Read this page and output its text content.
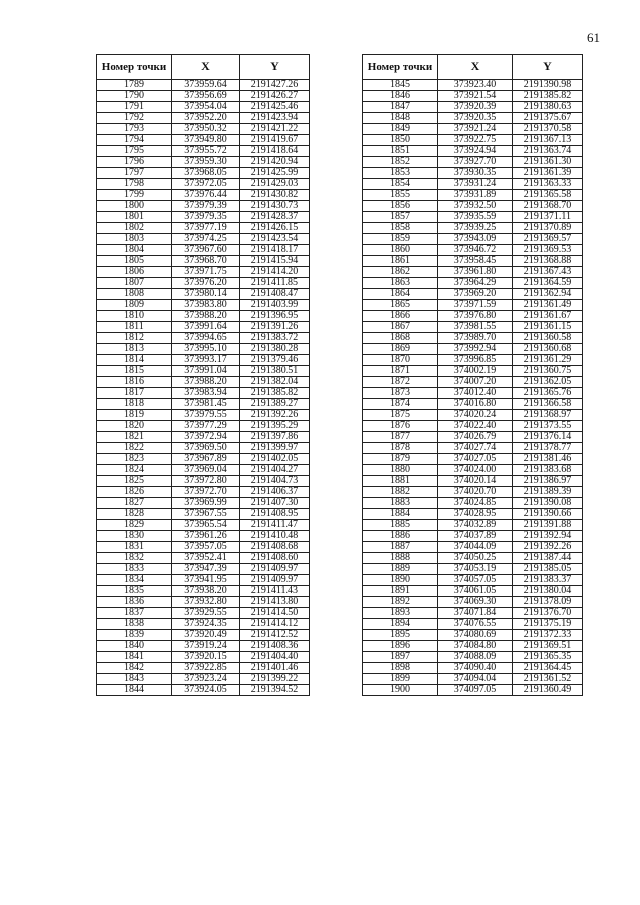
61
Номер точки	X	Y
1789	373959.64	2191427.26
1790	373956.69	2191426.27
1791	373954.04	2191425.46
1792	373952.20	2191423.94
1793	373950.32	2191421.22
1794	373949.80	2191419.67
1795	373955.72	2191418.64
1796	373959.30	2191420.94
1797	373968.05	2191425.99
1798	373972.05	2191429.03
1799	373976.44	2191430.82
1800	373979.39	2191430.73
1801	373979.35	2191428.37
1802	373977.19	2191426.15
1803	373974.25	2191423.54
1804	373967.60	2191418.17
1805	373968.70	2191415.94
1806	373971.75	2191414.20
1807	373976.20	2191411.85
1808	373980.14	2191408.47
1809	373983.80	2191403.99
1810	373988.20	2191396.95
1811	373991.64	2191391.26
1812	373994.65	2191383.72
1813	373995.10	2191380.28
1814	373993.17	2191379.46
1815	373991.04	2191380.51
1816	373988.20	2191382.04
1817	373983.94	2191385.82
1818	373981.45	2191389.27
1819	373979.55	2191392.26
1820	373977.29	2191395.29
1821	373972.94	2191397.86
1822	373969.50	2191399.97
1823	373967.89	2191402.05
1824	373969.04	2191404.27
1825	373972.80	2191404.73
1826	373972.70	2191406.37
1827	373969.99	2191407.30
1828	373967.55	2191408.95
1829	373965.54	2191411.47
1830	373961.26	2191410.48
1831	373957.05	2191408.68
1832	373952.41	2191408.60
1833	373947.39	2191409.97
1834	373941.95	2191409.97
1835	373938.20	2191411.43
1836	373932.80	2191413.80
1837	373929.55	2191414.50
1838	373924.35	2191414.12
1839	373920.49	2191412.52
1840	373919.24	2191408.36
1841	373920.15	2191404.40
1842	373922.85	2191401.46
1843	373923.24	2191399.22
1844	373924.05	2191394.52
Номер точки	X	Y
1845	373923.40	2191390.98
1846	373921.54	2191385.82
1847	373920.39	2191380.63
1848	373920.35	2191375.67
1849	373921.24	2191370.58
1850	373922.75	2191367.13
1851	373924.94	2191363.74
1852	373927.70	2191361.30
1853	373930.35	2191361.39
1854	373931.24	2191363.33
1855	373931.89	2191365.58
1856	373932.50	2191368.70
1857	373935.59	2191371.11
1858	373939.25	2191370.89
1859	373943.09	2191369.57
1860	373946.72	2191369.53
1861	373958.45	2191368.88
1862	373961.80	2191367.43
1863	373964.29	2191364.59
1864	373969.20	2191362.94
1865	373971.59	2191361.49
1866	373976.80	2191361.67
1867	373981.55	2191361.15
1868	373989.70	2191360.58
1869	373992.94	2191360.68
1870	373996.85	2191361.29
1871	374002.19	2191360.75
1872	374007.20	2191362.05
1873	374012.40	2191365.76
1874	374016.80	2191366.58
1875	374020.24	2191368.97
1876	374022.40	2191373.55
1877	374026.79	2191376.14
1878	374027.74	2191378.77
1879	374027.05	2191381.46
1880	374024.00	2191383.68
1881	374020.14	2191386.97
1882	374020.70	2191389.39
1883	374024.85	2191390.08
1884	374028.95	2191390.66
1885	374032.89	2191391.88
1886	374037.89	2191392.94
1887	374044.09	2191392.26
1888	374050.25	2191387.44
1889	374053.19	2191385.05
1890	374057.05	2191383.37
1891	374061.05	2191380.04
1892	374069.30	2191378.09
1893	374071.84	2191376.70
1894	374076.55	2191375.19
1895	374080.69	2191372.33
1896	374084.80	2191369.51
1897	374088.09	2191365.35
1898	374090.40	2191364.45
1899	374094.04	2191361.52
1900	374097.05	2191360.49
